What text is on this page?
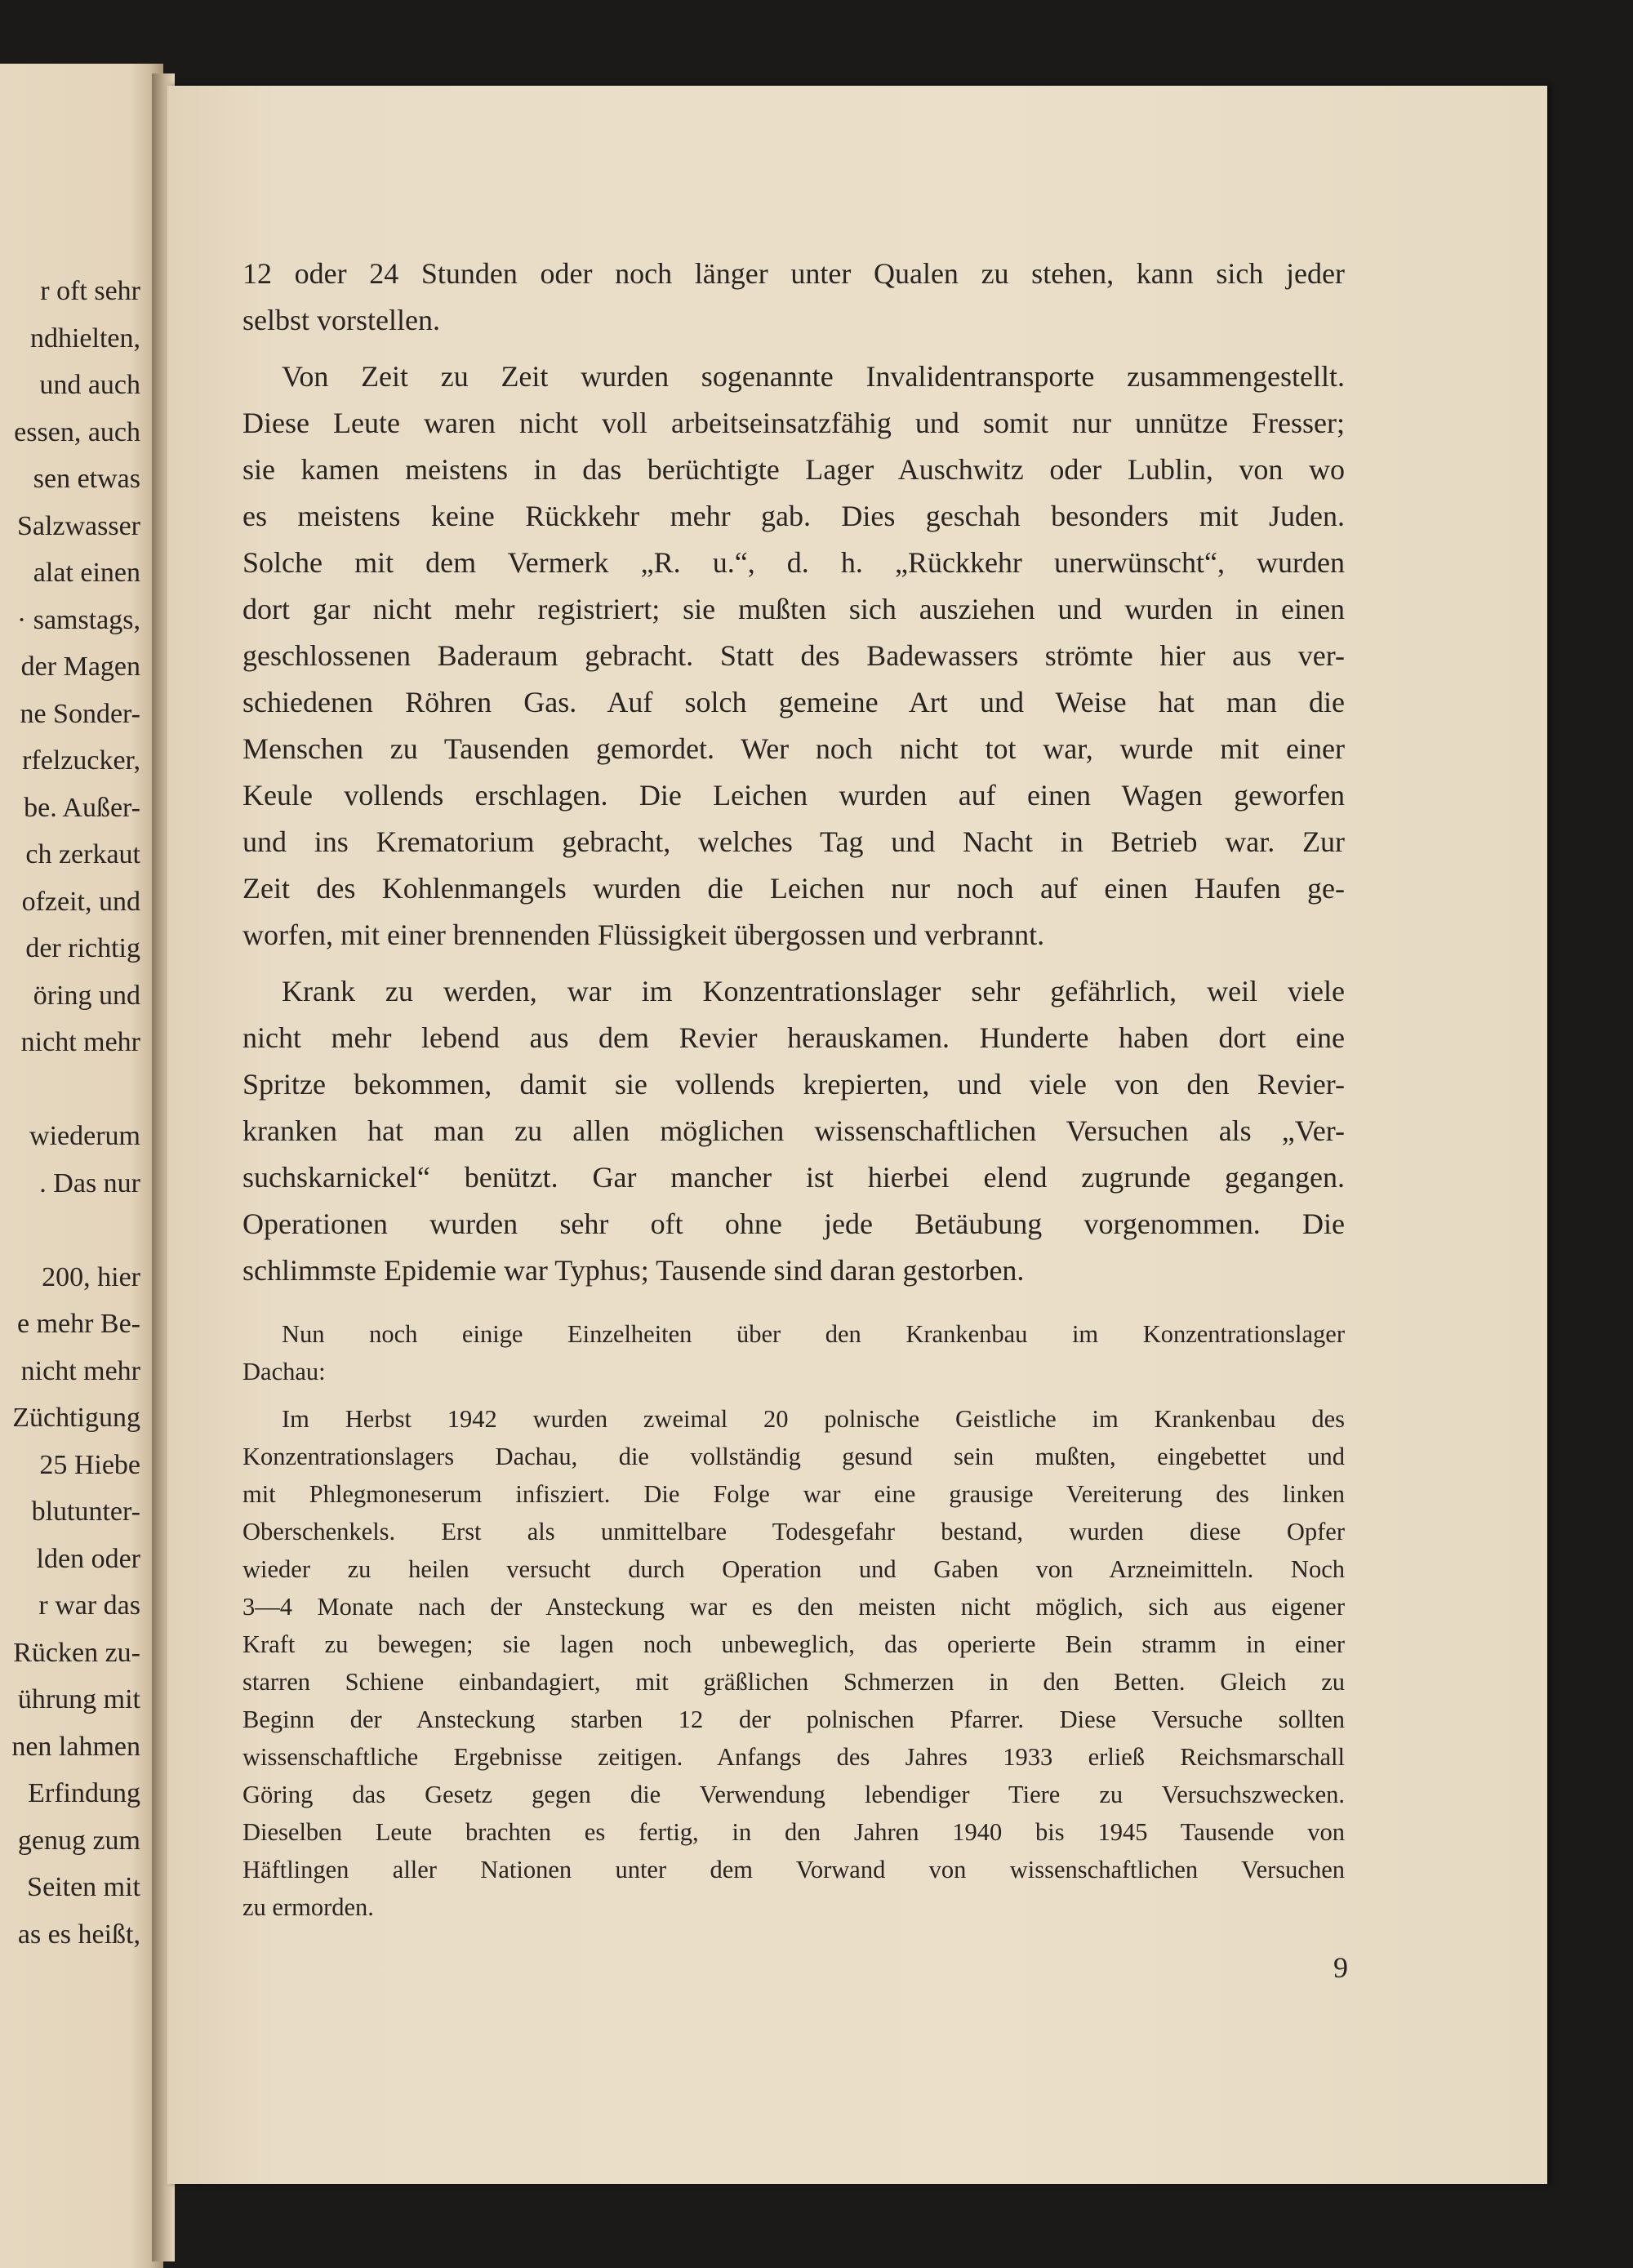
r oft sehr
ndhielten,
und auch
essen, auch
sen etwas
Salzwasser
alat einen
· samstags,
der Magen
ne Sonder-
rfelzucker,
be. Außer-
ch zerkaut
ofzeit, und
der richtig
öring und
nicht mehr
wiederum
. Das nur
200, hier
e mehr Be-
nicht mehr
Züchtigung
25 Hiebe
blutunter-
lden oder
r war das
Rücken zu-
ührung mit
nen lahmen
Erfindung
genug zum
Seiten mit
as es heißt,
12 oder 24 Stunden oder noch länger unter Qualen zu stehen, kann sich jeder
selbst vorstellen.
Von Zeit zu Zeit wurden sogenannte Invalidentransporte zusammengestellt.
Diese Leute waren nicht voll arbeitseinsatzfähig und somit nur unnütze Fresser;
sie kamen meistens in das berüchtigte Lager Auschwitz oder Lublin, von wo
es meistens keine Rückkehr mehr gab. Dies geschah besonders mit Juden.
Solche mit dem Vermerk „R. u.“, d. h. „Rückkehr unerwünscht“, wurden
dort gar nicht mehr registriert; sie mußten sich ausziehen und wurden in einen
geschlossenen Baderaum gebracht. Statt des Badewassers strömte hier aus ver-
schiedenen Röhren Gas. Auf solch gemeine Art und Weise hat man die
Menschen zu Tausenden gemordet. Wer noch nicht tot war, wurde mit einer
Keule vollends erschlagen. Die Leichen wurden auf einen Wagen geworfen
und ins Krematorium gebracht, welches Tag und Nacht in Betrieb war. Zur
Zeit des Kohlenmangels wurden die Leichen nur noch auf einen Haufen ge-
worfen, mit einer brennenden Flüssigkeit übergossen und verbrannt.
Krank zu werden, war im Konzentrationslager sehr gefährlich, weil viele
nicht mehr lebend aus dem Revier herauskamen. Hunderte haben dort eine
Spritze bekommen, damit sie vollends krepierten, und viele von den Revier-
kranken hat man zu allen möglichen wissenschaftlichen Versuchen als „Ver-
suchskarnickel“ benützt. Gar mancher ist hierbei elend zugrunde gegangen.
Operationen wurden sehr oft ohne jede Betäubung vorgenommen. Die
schlimmste Epidemie war Typhus; Tausende sind daran gestorben.
Nun noch einige Einzelheiten über den Krankenbau im Konzentrationslager
Dachau:
Im Herbst 1942 wurden zweimal 20 polnische Geistliche im Krankenbau des
Konzentrationslagers Dachau, die vollständig gesund sein mußten, eingebettet und
mit Phlegmoneserum infisziert. Die Folge war eine grausige Vereiterung des linken
Oberschenkels. Erst als unmittelbare Todesgefahr bestand, wurden diese Opfer
wieder zu heilen versucht durch Operation und Gaben von Arzneimitteln. Noch
3—4 Monate nach der Ansteckung war es den meisten nicht möglich, sich aus eigener
Kraft zu bewegen; sie lagen noch unbeweglich, das operierte Bein stramm in einer
starren Schiene einbandagiert, mit gräßlichen Schmerzen in den Betten. Gleich zu
Beginn der Ansteckung starben 12 der polnischen Pfarrer. Diese Versuche sollten
wissenschaftliche Ergebnisse zeitigen. Anfangs des Jahres 1933 erließ Reichsmarschall
Göring das Gesetz gegen die Verwendung lebendiger Tiere zu Versuchszwecken.
Dieselben Leute brachten es fertig, in den Jahren 1940 bis 1945 Tausende von
Häftlingen aller Nationen unter dem Vorwand von wissenschaftlichen Versuchen
zu ermorden.
9
